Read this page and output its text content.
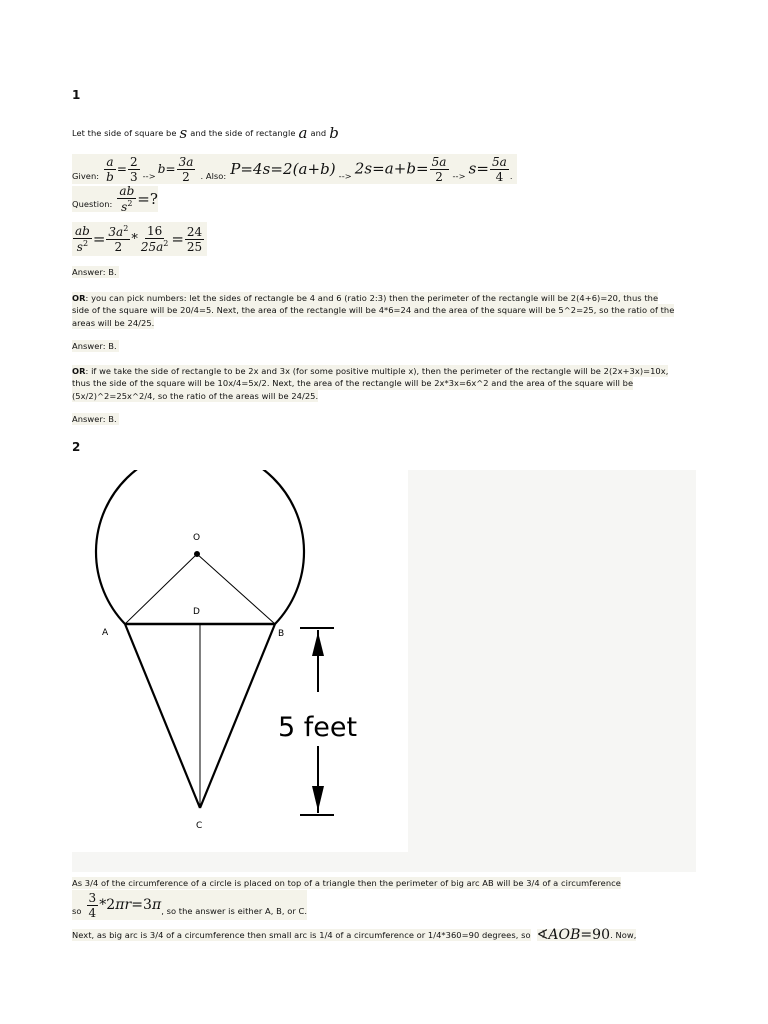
1
Let the side of square be s and the side of rectangle a and b
Given: $\frac{a}{b} = \frac{2}{3}$ -->
$b= \frac{3a}{2}$ . Also: P=4s=2(a+b) --> $2s=a+b= \frac{5a}{2}$ --> $s= \frac{5a}{4}$ .
Question: $\frac{ab}{s^2}$ =?
$\frac{ab}{s^2} = \frac{3a^2}{2} * \frac{16}{25a^2} = \frac{24}{25}$
Answer: B.
OR: you can pick numbers: let the sides of rectangle be 4 and 6 (ratio 2:3) then the perimeter of the rectangle will be 2(4+6)=20, thus the
side of the square will be 20/4=5. Next, the area of the rectangle will be 4*6=24 and the area of the square will be 5^2=25, so the ratio of the
areas will be 24/25.
Answer: B.
OR: if we take the side of rectangle to be 2x and 3x (for some positive multiple x), then the perimeter of the rectangle will be 2(2x+3x)=10x,
thus the side of the square will be 10x/4=5x/2. Next, the area of the rectangle will be 2x*3x=6x^2 and the area of the square will be
(5x/2)^2=25x^2/4, so the ratio of the areas will be 24/25.
Answer: B.
2
O
D
A	B
C
5 feet
As 3/4 of the circumference of a circle is placed on top of a triangle then the perimeter of big arc AB will be 3/4 of a circumference
so $\frac{3}{4} *2\pi r=3\pi$ , so the answer is either A, B, or C.
Next, as big arc is 3/4 of a circumference then small arc is 1/4 of a circumference or 1/4*360=90 degrees, so ∢AOB=90 . Now,
